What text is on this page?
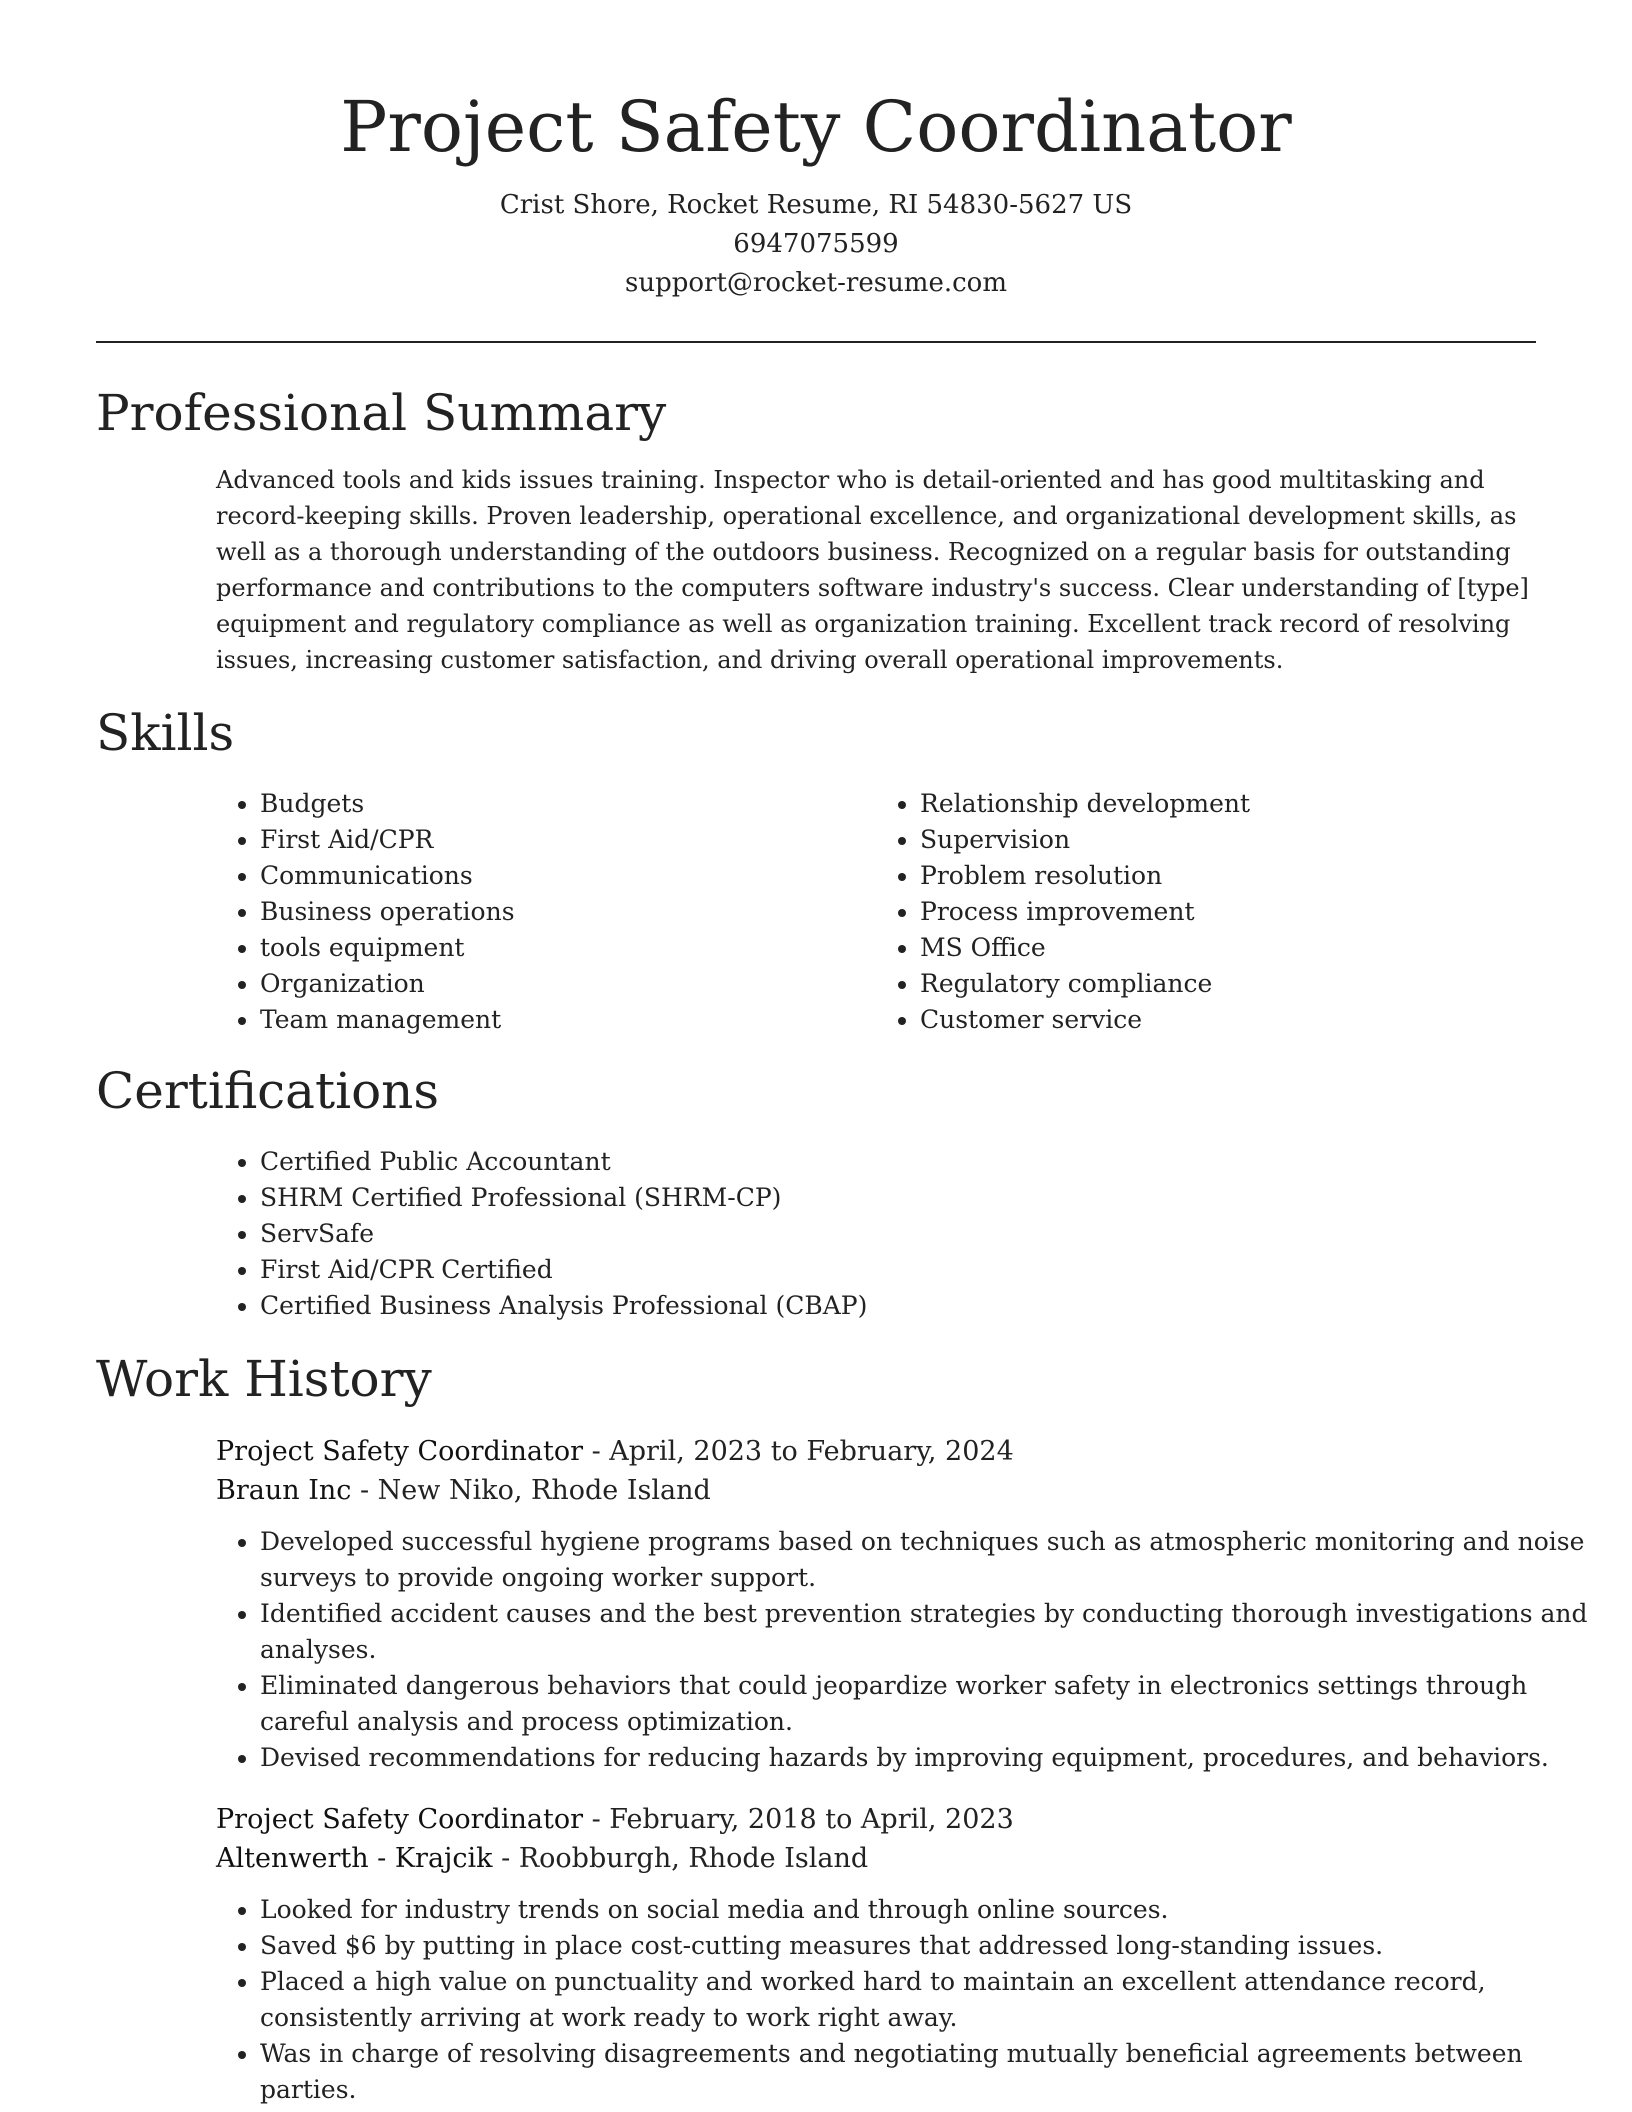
Project Safety Coordinator

Crist Shore, Rocket Resume, RI 54830-5627 US

6947075599

support@rocket-resume.com

Professional Summary

Advanced tools and kids issues training. Inspector who is detail-oriented and has good multitasking and record-keeping skills. Proven leadership, operational excellence, and organizational development skills, as well as a thorough understanding of the outdoors business. Recognized on a regular basis for outstanding performance and contributions to the computers software industry's success. Clear understanding of [type] equipment and regulatory compliance as well as organization training. Excellent track record of resolving issues, increasing customer satisfaction, and driving overall operational improvements.

Skills
• Budgets
• First Aid/CPR
• Communications
• Business operations
• tools equipment
• Organization
• Team management
• Relationship development
• Supervision
• Problem resolution
• Process improvement
• MS Office
• Regulatory compliance
• Customer service
Certifications
• Certified Public Accountant
• SHRM Certified Professional (SHRM-CP)
• ServSafe
• First Aid/CPR Certified
• Certified Business Analysis Professional (CBAP)
Work History

Project Safety Coordinator - April, 2023 to February, 2024

Braun Inc - New Niko, Rhode Island

• Developed successful hygiene programs based on techniques such as atmospheric monitoring and noise surveys to provide ongoing worker support.
• Identified accident causes and the best prevention strategies by conducting thorough investigations and analyses.
• Eliminated dangerous behaviors that could jeopardize worker safety in electronics settings through careful analysis and process optimization.
• Devised recommendations for reducing hazards by improving equipment, procedures, and behaviors.

Project Safety Coordinator - February, 2018 to April, 2023

Altenwerth - Krajcik - Roobburgh, Rhode Island

• Looked for industry trends on social media and through online sources.
• Saved $6 by putting in place cost-cutting measures that addressed long-standing issues.
• Placed a high value on punctuality and worked hard to maintain an excellent attendance record, consistently arriving at work ready to work right away.
• Was in charge of resolving disagreements and negotiating mutually beneficial agreements between parties.
